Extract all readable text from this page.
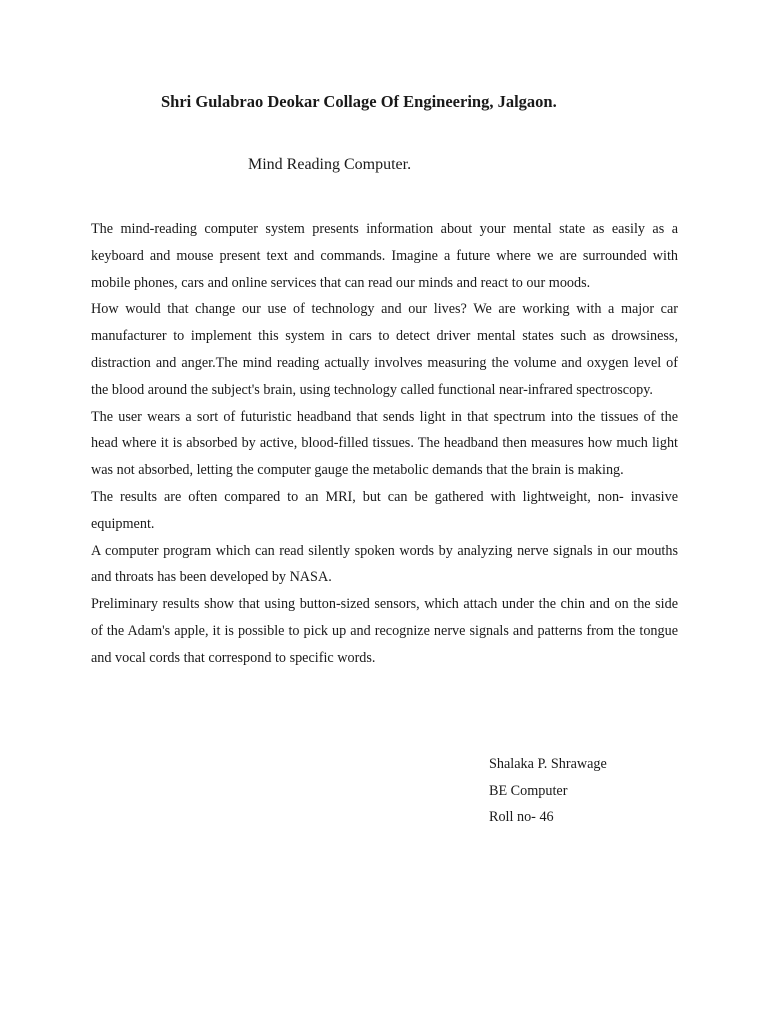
Shri Gulabrao Deokar Collage Of Engineering, Jalgaon.
Mind Reading Computer.

The mind-reading computer system presents information about your mental state as easily as a keyboard and mouse present text and commands. Imagine a future where we are surrounded with mobile phones, cars and online services that can read our minds and react to our moods.

How would that change our use of technology and our lives? We are working with a major car manufacturer to implement this system in cars to detect driver mental states such as drowsiness, distraction and anger.The mind reading actually involves measuring the volume and oxygen level of the blood around the subject's brain, using technology called functional near-infrared spectroscopy.

The user wears a sort of futuristic headband that sends light in that spectrum into the tissues of the head where it is absorbed by active, blood-filled tissues. The headband then measures how much light was not absorbed, letting the computer gauge the metabolic demands that the brain is making.

The results are often compared to an MRI, but can be gathered with lightweight, non- invasive equipment.

A computer program which can read silently spoken words by analyzing nerve signals in our mouths and throats has been developed by NASA.

Preliminary results show that using button-sized sensors, which attach under the chin and on the side of the Adam's apple, it is possible to pick up and recognize nerve signals and patterns from the tongue and vocal cords that correspond to specific words.

Shalaka P. Shrawage
BE Computer
Roll no- 46
